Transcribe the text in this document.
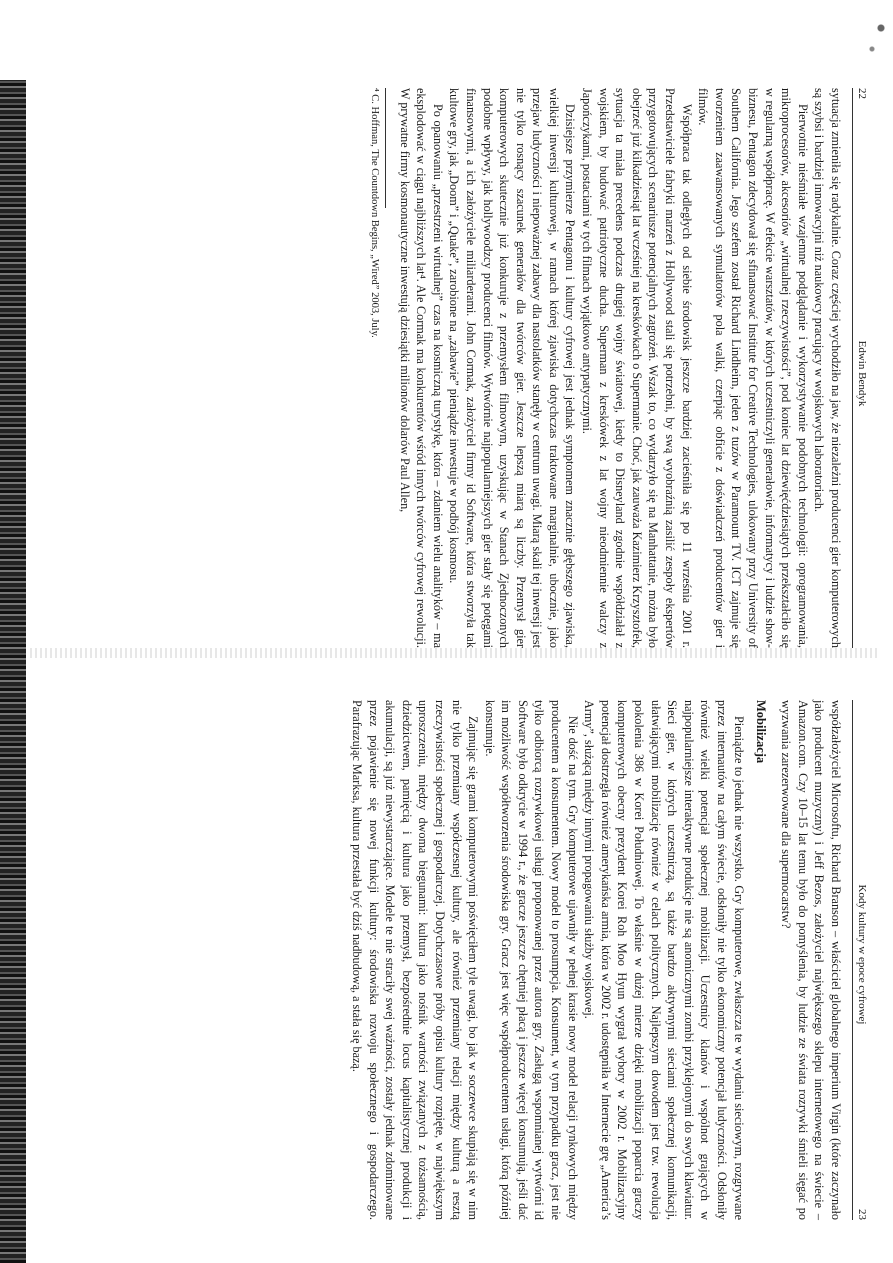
22
Edwin Bendyk

sytuacja zmieniła się radykalnie. Coraz częściej wychodziło na jaw, że niezależni producenci gier komputerowych są szybsi i bardziej innowacyjni niż naukowcy pracujący w wojskowych laboratoriach.

Pierwotnie nieśmiałe wzajemne podglądanie i wykorzystywanie podobnych technologii: oprogramowania, mikroprocesorów, akcesoriów „wirtualnej rzeczywistości”, pod koniec lat dziewięćdziesiątych przekształciło się w regularną współpracę. W efekcie warsztatów, w których uczestniczyli generałowie, informatycy i ludzie show-biznesu, Pentagon zdecydował się sfinansować Institute for Creative Technologies, ulokowany przy University of Southern California. Jego szefem został Richard Lindheim, jeden z tuzów w Paramount TV. ICT zajmuje się tworzeniem zaawansowanych symulatorów pola walki, czerpiąc obficie z doświadczeń producentów gier i filmów.

Współpraca tak odległych od siebie środowisk jeszcze bardziej zacieśniła się po 11 września 2001 r. Przedstawiciele fabryki marzeń z Hollywood stali się potrzebni, by swą wyobraźnią zasilić zespoły ekspertów przygotowujących scenariusze potencjalnych zagrożeń. Wszak to, co wydarzyło się na Manhattanie, można było obejrzeć już kilkadziesiąt lat wcześniej na kreskówkach o Supermanie. Choć, jak zauważa Kazimierz Krzysztofek, sytuacja ta miała precedens podczas drugiej wojny światowej, kiedy to Disneyland zgodnie współdziałał z wojskiem, by budować patriotyczne ducha. Superman z kreskówek z lat wojny nieodmiennie walczy z Japończykami, postaciami w tych filmach wyjątkowo antypatycznymi.

Dzisiejsze przymierze Pentagonu i kultury cyfrowej jest jednak symptomem znacznie głębszego zjawiska, wielkiej inwersji kulturowej, w ramach której zjawiska dotychczas traktowane marginalnie, ubocznie, jako przejaw ludyczności i niepoważnej zabawy dla nastolatków stanęły w centrum uwagi. Miarą skali tej inwersji jest nie tylko rosnący szacunek generałów dla twórców gier. Jeszcze lepszą miarą są liczby. Przemysł gier komputerowych skutecznie już konkuruje z przemysłem filmowym, uzyskując w Stanach Zjednoczonych podobne wpływy, jak hollywoodzcy producenci filmów. Wytwórnie najpopularniejszych gier stały się potęgami finansowymi, a ich założyciele miliarderami. John Cormak, założyciel firmy id Software, która stworzyła tak kultowe gry, jak „Doom” i „Quake”, zarobione na „zabawie” pieniądze inwestuje w podbój kosmosu.

Po opanowaniu „przestrzeni wirtualnej” czas na kosmiczną turystykę, która – zdaniem wielu analityków – ma eksplodować w ciągu najbliższych lat⁴. Ale Cormak ma konkurentów wśród innych twórców cyfrowej rewolucji. W prywatne firmy kosmonautyczne inwestują dziesiątki milionów dolarów Paul Allen,

⁴ C. Hoffman, The Countdown Begins, „Wired” 2003, July.
Kody kultury w epoce cyfrowej
23

współzałożyciel Microsoftu, Richard Branson – właściciel globalnego imperium Virgin (które zaczynało jako producent muzyczny) i Jeff Bezos, założyciel największego sklepu internetowego na świecie – Amazon.com. Czy 10–15 lat temu było do pomyślenia, by ludzie ze świata rozrywki śmieli sięgać po wyzwania zarezerwowane dla supermocarstw?

Mobilizacja

Pieniądze to jednak nie wszystko. Gry komputerowe, zwłaszcza te w wydaniu sieciowym, rozgrywane przez internautów na całym świecie, odsłoniły nie tylko ekonomiczny potencjał ludyczności. Odsłoniły również wielki potencjał społecznej mobilizacji. Uczestnicy klanów i wspólnot grających w najpopularniejsze interaktywne produkcje nie są anomicznymi zombi przyklejonymi do swych klawiatur. Sieci gier, w których uczestniczą, są także bardzo aktywnymi sieciami społecznej komunikacji, ułatwiającymi mobilizację również w celach politycznych. Najlepszym dowodem jest tzw. rewolucja pokolenia 386 w Korei Południowej. To właśnie w dużej mierze dzięki mobilizacji poparcia graczy komputerowych obecny prezydent Korei Roh Moo Hyun wygrał wybory w 2002 r. Mobilizacyjny potencjał dostrzegła również amerykańska armia, która w 2002 r. udostępniła w Internecie grę „America’s Army”, służącą między innymi propagowaniu służby wojskowej.

Nie dość na tym. Gry komputerowe ujawniły w pełnej krasie nowy model relacji rynkowych między producentem a konsumentem. Nowy model to prosumpcja. Konsument, w tym przypadku gracz, jest nie tylko odbiorcą rozrywkowej usługi proponowanej przez autora gry. Zasługą wspomnianej wytwórni id Software było odkrycie w 1994 r., że gracze jeszcze chętniej płacą i jeszcze więcej konsumują, jeśli dać im możliwość współtworzenia środowiska gry. Gracz jest więc współproducentem usługi, którą później konsumuje.

Zajmując się grami komputerowymi poświęciłem tyle uwagi, bo jak w soczewce skupiają się w nim nie tylko przemiany współczesnej kultury, ale również przemiany relacji między kulturą a resztą rzeczywistości społecznej i gospodarczej. Dotychczasowe próby opisu kultury rozpięte, w największym uproszczeniu, między dwoma biegunami: kultura jako nośnik wartości związanych z tożsamością, dziedzictwem, pamięcią i kultura jako przemysł, bezpośrednie locus kapitalistycznej produkcji i akumulacji, są już niewystarczające. Modele te nie straciły swej ważności, zostały jednak zdominowane przez pojawienie się nowej funkcji kultury: środowiska rozwoju społecznego i gospodarczego. Parafrazując Marksa, kultura przestała być dziś nadbudową, a stała się bazą.
